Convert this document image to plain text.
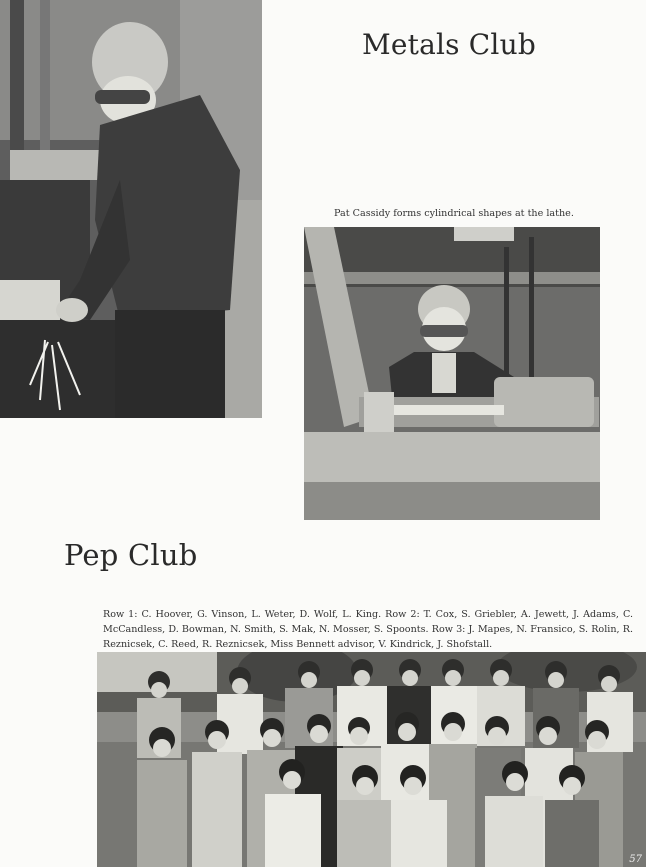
Metals Club
Pat Cassidy forms cylindrical shapes at the lathe.
Pep Club

Row 1: C. Hoover, G. Vinson, L. Weter, D. Wolf, L. King. Row 2: T. Cox, S. Griebler, A. Jewett, J. Adams, C. McCandless, D. Bowman, N. Smith, S. Mak, N. Mosser, S. Spoonts. Row 3: J. Mapes, N. Fransico, S. Rolin, R. Reznicsek, C. Reed, R. Reznicsek, Miss Bennett advisor, V. Kindrick, J. Shofstall.

57
